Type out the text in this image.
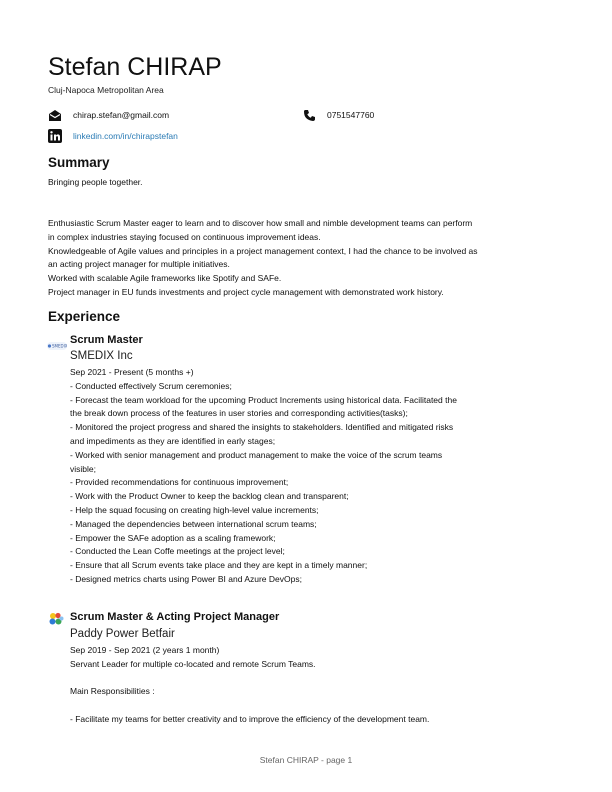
Stefan CHIRAP
Cluj-Napoca Metropolitan Area
chirap.stefan@gmail.com	0751547760
linkedin.com/in/chirapstefan
Summary

Bringing people together.

Enthusiastic Scrum Master eager to learn and to discover how small and nimble development teams can perform

in complex industries staying focused on continuous improvement ideas.

Knowledgeable of Agile values and principles in a project management context, I had the chance to be involved as

an acting project manager for multiple initiatives.

Worked with scalable Agile frameworks like Spotify and SAFe.

Project manager in EU funds investments and project cycle management with demonstrated work history.

Experience
SMEDIX
Scrum Master
SMEDIX Inc

Sep 2021 - Present (5 months +)

- Conducted effectively Scrum ceremonies;

- Forecast the team workload for the upcoming Product Increments using historical data. Facilitated the

the break down process of the features in user stories and corresponding activities(tasks);

- Monitored the project progress and shared the insights to stakeholders. Identified and mitigated risks

and impediments as they are identified in early stages;

- Worked with senior management and product management to make the voice of the scrum teams

visible;

- Provided recommendations for continuous improvement;

- Work with the Product Owner to keep the backlog clean and transparent;

- Help the squad focusing on creating high-level value increments;

- Managed the dependencies between international scrum teams;

- Empower the SAFe adoption as a scaling framework;

- Conducted the Lean Coffe meetings at the project level;

- Ensure that all Scrum events take place and they are kept in a timely manner;

- Designed metrics charts using Power BI and Azure DevOps;

Scrum Master & Acting Project Manager
Paddy Power Betfair

Sep 2019 - Sep 2021 (2 years 1 month)

Servant Leader for multiple co-located and remote Scrum Teams.

Main Responsibilities :

- Facilitate my teams for better creativity and to improve the efficiency of the development team.

Stefan CHIRAP - page 1
